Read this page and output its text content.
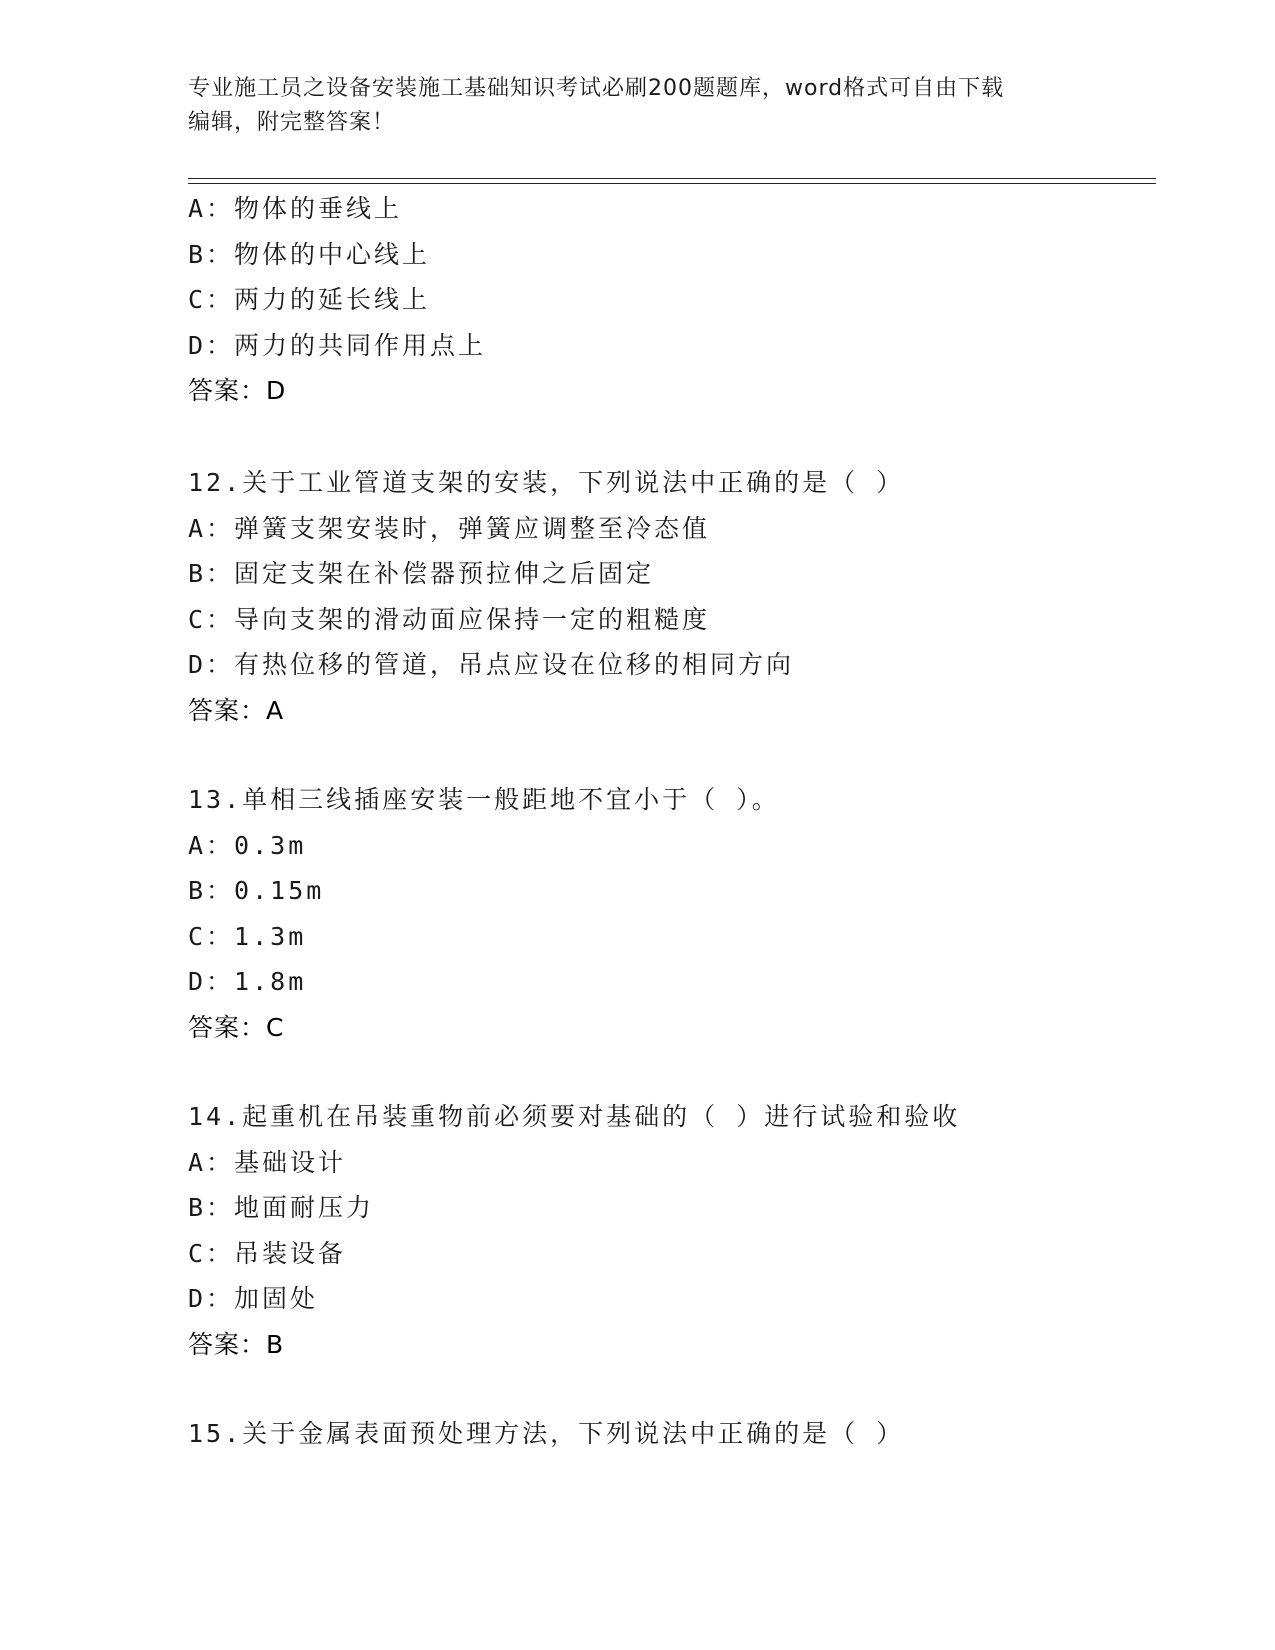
专业施工员之设备安装施工基础知识考试必刷200题题库，word格式可自由下载
编辑，附完整答案！
A：物体的垂线上
B：物体的中心线上
C：两力的延长线上
D：两力的共同作用点上
答案：D
12.关于工业管道支架的安装，下列说法中正确的是（ ）
A：弹簧支架安装时，弹簧应调整至冷态值
B：固定支架在补偿器预拉伸之后固定
C：导向支架的滑动面应保持一定的粗糙度
D：有热位移的管道，吊点应设在位移的相同方向
答案：A
13.单相三线插座安装一般距地不宜小于（ ）。
A：0.3m
B：0.15m
C：1.3m
D：1.8m
答案：C
14.起重机在吊装重物前必须要对基础的（ ）进行试验和验收
A：基础设计
B：地面耐压力
C：吊装设备
D：加固处
答案：B
15.关于金属表面预处理方法，下列说法中正确的是（ ）
